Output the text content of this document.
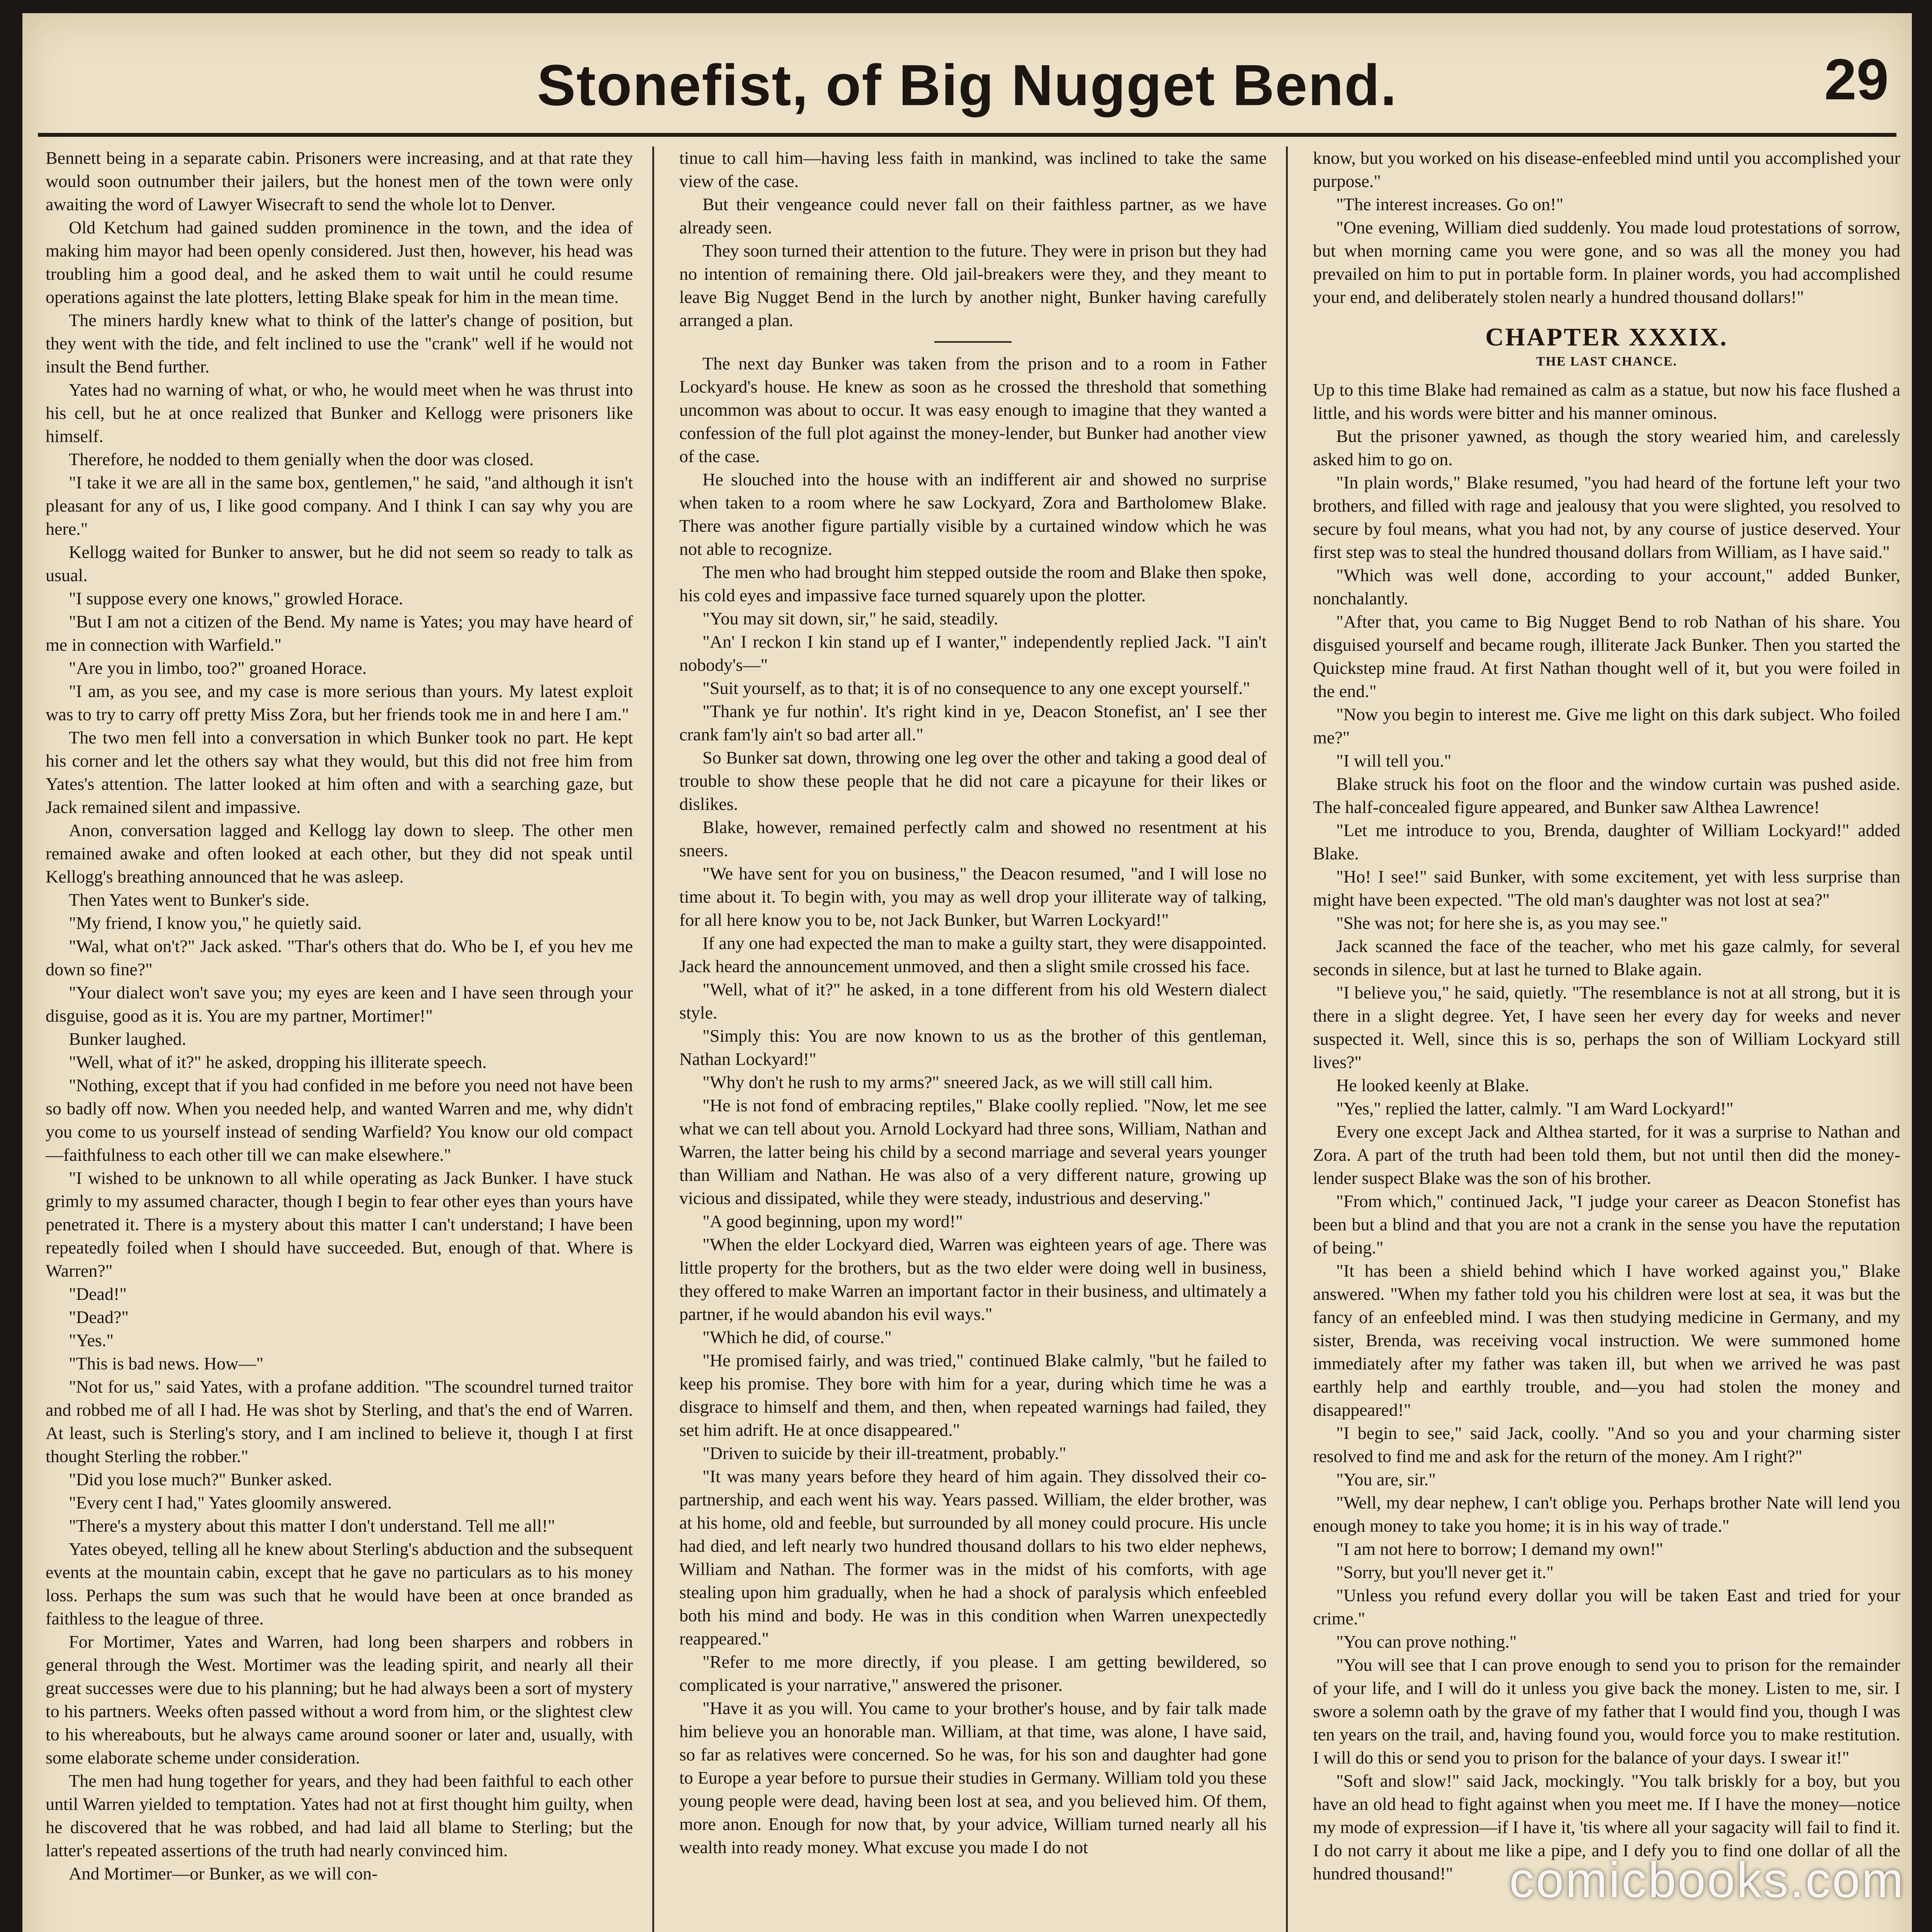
Stonefist, of Big Nugget Bend.	29

Bennett being in a separate cabin. Prisoners were increasing, and at that rate they would soon outnumber their jailers, but the honest men of the town were only awaiting the word of Lawyer Wisecraft to send the whole lot to Denver.

Old Ketchum had gained sudden prominence in the town, and the idea of making him mayor had been openly considered. Just then, however, his head was troubling him a good deal, and he asked them to wait until he could resume operations against the late plotters, letting Blake speak for him in the mean time.

The miners hardly knew what to think of the latter's change of position, but they went with the tide, and felt inclined to use the "crank" well if he would not insult the Bend further.

Yates had no warning of what, or who, he would meet when he was thrust into his cell, but he at once realized that Bunker and Kellogg were prisoners like himself.

Therefore, he nodded to them genially when the door was closed.

"I take it we are all in the same box, gentlemen," he said, "and although it isn't pleasant for any of us, I like good company. And I think I can say why you are here."

Kellogg waited for Bunker to answer, but he did not seem so ready to talk as usual.

"I suppose every one knows," growled Horace.

"But I am not a citizen of the Bend. My name is Yates; you may have heard of me in connection with Warfield."

"Are you in limbo, too?" groaned Horace.

"I am, as you see, and my case is more serious than yours. My latest exploit was to try to carry off pretty Miss Zora, but her friends took me in and here I am."

The two men fell into a conversation in which Bunker took no part. He kept his corner and let the others say what they would, but this did not free him from Yates's attention. The latter looked at him often and with a searching gaze, but Jack remained silent and impassive.

Anon, conversation lagged and Kellogg lay down to sleep. The other men remained awake and often looked at each other, but they did not speak until Kellogg's breathing announced that he was asleep.

Then Yates went to Bunker's side.

"My friend, I know you," he quietly said.

"Wal, what on't?" Jack asked. "Thar's others that do. Who be I, ef you hev me down so fine?"

"Your dialect won't save you; my eyes are keen and I have seen through your disguise, good as it is. You are my partner, Mortimer!"

Bunker laughed.

"Well, what of it?" he asked, dropping his illiterate speech.

"Nothing, except that if you had confided in me before you need not have been so badly off now. When you needed help, and wanted Warren and me, why didn't you come to us yourself instead of sending Warfield? You know our old compact—faithfulness to each other till we can make elsewhere."

"I wished to be unknown to all while operating as Jack Bunker. I have stuck grimly to my assumed character, though I begin to fear other eyes than yours have penetrated it. There is a mystery about this matter I can't understand; I have been repeatedly foiled when I should have succeeded. But, enough of that. Where is Warren?"

"Dead!"

"Dead?"

"Yes."

"This is bad news. How—"

"Not for us," said Yates, with a profane addition. "The scoundrel turned traitor and robbed me of all I had. He was shot by Sterling, and that's the end of Warren. At least, such is Sterling's story, and I am inclined to believe it, though I at first thought Sterling the robber."

"Did you lose much?" Bunker asked.

"Every cent I had," Yates gloomily answered.

"There's a mystery about this matter I don't understand. Tell me all!"

Yates obeyed, telling all he knew about Sterling's abduction and the subsequent events at the mountain cabin, except that he gave no particulars as to his money loss. Perhaps the sum was such that he would have been at once branded as faithless to the league of three.

For Mortimer, Yates and Warren, had long been sharpers and robbers in general through the West. Mortimer was the leading spirit, and nearly all their great successes were due to his planning; but he had always been a sort of mystery to his partners. Weeks often passed without a word from him, or the slightest clew to his whereabouts, but he always came around sooner or later and, usually, with some elaborate scheme under consideration.

The men had hung together for years, and they had been faithful to each other until Warren yielded to temptation. Yates had not at first thought him guilty, when he discovered that he was robbed, and had laid all blame to Sterling; but the latter's repeated assertions of the truth had nearly convinced him.

And Mortimer—or Bunker, as we will con-

tinue to call him—having less faith in mankind, was inclined to take the same view of the case.

But their vengeance could never fall on their faithless partner, as we have already seen.

They soon turned their attention to the future. They were in prison but they had no intention of remaining there. Old jail-breakers were they, and they meant to leave Big Nugget Bend in the lurch by another night, Bunker having carefully arranged a plan.

The next day Bunker was taken from the prison and to a room in Father Lockyard's house. He knew as soon as he crossed the threshold that something uncommon was about to occur. It was easy enough to imagine that they wanted a confession of the full plot against the money-lender, but Bunker had another view of the case.

He slouched into the house with an indifferent air and showed no surprise when taken to a room where he saw Lockyard, Zora and Bartholomew Blake. There was another figure partially visible by a curtained window which he was not able to recognize.

The men who had brought him stepped outside the room and Blake then spoke, his cold eyes and impassive face turned squarely upon the plotter.

"You may sit down, sir," he said, steadily.

"An' I reckon I kin stand up ef I wanter," independently replied Jack. "I ain't nobody's—"

"Suit yourself, as to that; it is of no consequence to any one except yourself."

"Thank ye fur nothin'. It's right kind in ye, Deacon Stonefist, an' I see ther crank fam'ly ain't so bad arter all."

So Bunker sat down, throwing one leg over the other and taking a good deal of trouble to show these people that he did not care a picayune for their likes or dislikes.

Blake, however, remained perfectly calm and showed no resentment at his sneers.

"We have sent for you on business," the Deacon resumed, "and I will lose no time about it. To begin with, you may as well drop your illiterate way of talking, for all here know you to be, not Jack Bunker, but Warren Lockyard!"

If any one had expected the man to make a guilty start, they were disappointed. Jack heard the announcement unmoved, and then a slight smile crossed his face.

"Well, what of it?" he asked, in a tone different from his old Western dialect style.

"Simply this: You are now known to us as the brother of this gentleman, Nathan Lockyard!"

"Why don't he rush to my arms?" sneered Jack, as we will still call him.

"He is not fond of embracing reptiles," Blake coolly replied. "Now, let me see what we can tell about you. Arnold Lockyard had three sons, William, Nathan and Warren, the latter being his child by a second marriage and several years younger than William and Nathan. He was also of a very different nature, growing up vicious and dissipated, while they were steady, industrious and deserving."

"A good beginning, upon my word!"

"When the elder Lockyard died, Warren was eighteen years of age. There was little property for the brothers, but as the two elder were doing well in business, they offered to make Warren an important factor in their business, and ultimately a partner, if he would abandon his evil ways."

"Which he did, of course."

"He promised fairly, and was tried," continued Blake calmly, "but he failed to keep his promise. They bore with him for a year, during which time he was a disgrace to himself and them, and then, when repeated warnings had failed, they set him adrift. He at once disappeared."

"Driven to suicide by their ill-treatment, probably."

"It was many years before they heard of him again. They dissolved their co-partnership, and each went his way. Years passed. William, the elder brother, was at his home, old and feeble, but surrounded by all money could procure. His uncle had died, and left nearly two hundred thousand dollars to his two elder nephews, William and Nathan. The former was in the midst of his comforts, with age stealing upon him gradually, when he had a shock of paralysis which enfeebled both his mind and body. He was in this condition when Warren unexpectedly reappeared."

"Refer to me more directly, if you please. I am getting bewildered, so complicated is your narrative," answered the prisoner.

"Have it as you will. You came to your brother's house, and by fair talk made him believe you an honorable man. William, at that time, was alone, I have said, so far as relatives were concerned. So he was, for his son and daughter had gone to Europe a year before to pursue their studies in Germany. William told you these young people were dead, having been lost at sea, and you believed him. Of them, more anon. Enough for now that, by your advice, William turned nearly all his wealth into ready money. What excuse you made I do not

know, but you worked on his disease-enfeebled mind until you accomplished your purpose."

"The interest increases. Go on!"

"One evening, William died suddenly. You made loud protestations of sorrow, but when morning came you were gone, and so was all the money you had prevailed on him to put in portable form. In plainer words, you had accomplished your end, and deliberately stolen nearly a hundred thousand dollars!"

CHAPTER XXXIX.
THE LAST CHANCE.

Up to this time Blake had remained as calm as a statue, but now his face flushed a little, and his words were bitter and his manner ominous.

But the prisoner yawned, as though the story wearied him, and carelessly asked him to go on.

"In plain words," Blake resumed, "you had heard of the fortune left your two brothers, and filled with rage and jealousy that you were slighted, you resolved to secure by foul means, what you had not, by any course of justice deserved. Your first step was to steal the hundred thousand dollars from William, as I have said."

"Which was well done, according to your account," added Bunker, nonchalantly.

"After that, you came to Big Nugget Bend to rob Nathan of his share. You disguised yourself and became rough, illiterate Jack Bunker. Then you started the Quickstep mine fraud. At first Nathan thought well of it, but you were foiled in the end."

"Now you begin to interest me. Give me light on this dark subject. Who foiled me?"

"I will tell you."

Blake struck his foot on the floor and the window curtain was pushed aside. The half-concealed figure appeared, and Bunker saw Althea Lawrence!

"Let me introduce to you, Brenda, daughter of William Lockyard!" added Blake.

"Ho! I see!" said Bunker, with some excitement, yet with less surprise than might have been expected. "The old man's daughter was not lost at sea?"

"She was not; for here she is, as you may see."

Jack scanned the face of the teacher, who met his gaze calmly, for several seconds in silence, but at last he turned to Blake again.

"I believe you," he said, quietly. "The resemblance is not at all strong, but it is there in a slight degree. Yet, I have seen her every day for weeks and never suspected it. Well, since this is so, perhaps the son of William Lockyard still lives?"

He looked keenly at Blake.

"Yes," replied the latter, calmly. "I am Ward Lockyard!"

Every one except Jack and Althea started, for it was a surprise to Nathan and Zora. A part of the truth had been told them, but not until then did the money-lender suspect Blake was the son of his brother.

"From which," continued Jack, "I judge your career as Deacon Stonefist has been but a blind and that you are not a crank in the sense you have the reputation of being."

"It has been a shield behind which I have worked against you," Blake answered. "When my father told you his children were lost at sea, it was but the fancy of an enfeebled mind. I was then studying medicine in Germany, and my sister, Brenda, was receiving vocal instruction. We were summoned home immediately after my father was taken ill, but when we arrived he was past earthly help and earthly trouble, and—you had stolen the money and disappeared!"

"I begin to see," said Jack, coolly. "And so you and your charming sister resolved to find me and ask for the return of the money. Am I right?"

"You are, sir."

"Well, my dear nephew, I can't oblige you. Perhaps brother Nate will lend you enough money to take you home; it is in his way of trade."

"I am not here to borrow; I demand my own!"

"Sorry, but you'll never get it."

"Unless you refund every dollar you will be taken East and tried for your crime."

"You can prove nothing."

"You will see that I can prove enough to send you to prison for the remainder of your life, and I will do it unless you give back the money. Listen to me, sir. I swore a solemn oath by the grave of my father that I would find you, though I was ten years on the trail, and, having found you, would force you to make restitution. I will do this or send you to prison for the balance of your days. I swear it!"

"Soft and slow!" said Jack, mockingly. "You talk briskly for a boy, but you have an old head to fight against when you meet me. If I have the money—notice my mode of expression—if I have it, 'tis where all your sagacity will fail to find it. I do not carry it about me like a pipe, and I defy you to find one dollar of all the hundred thousand!"	comicbooks.com
